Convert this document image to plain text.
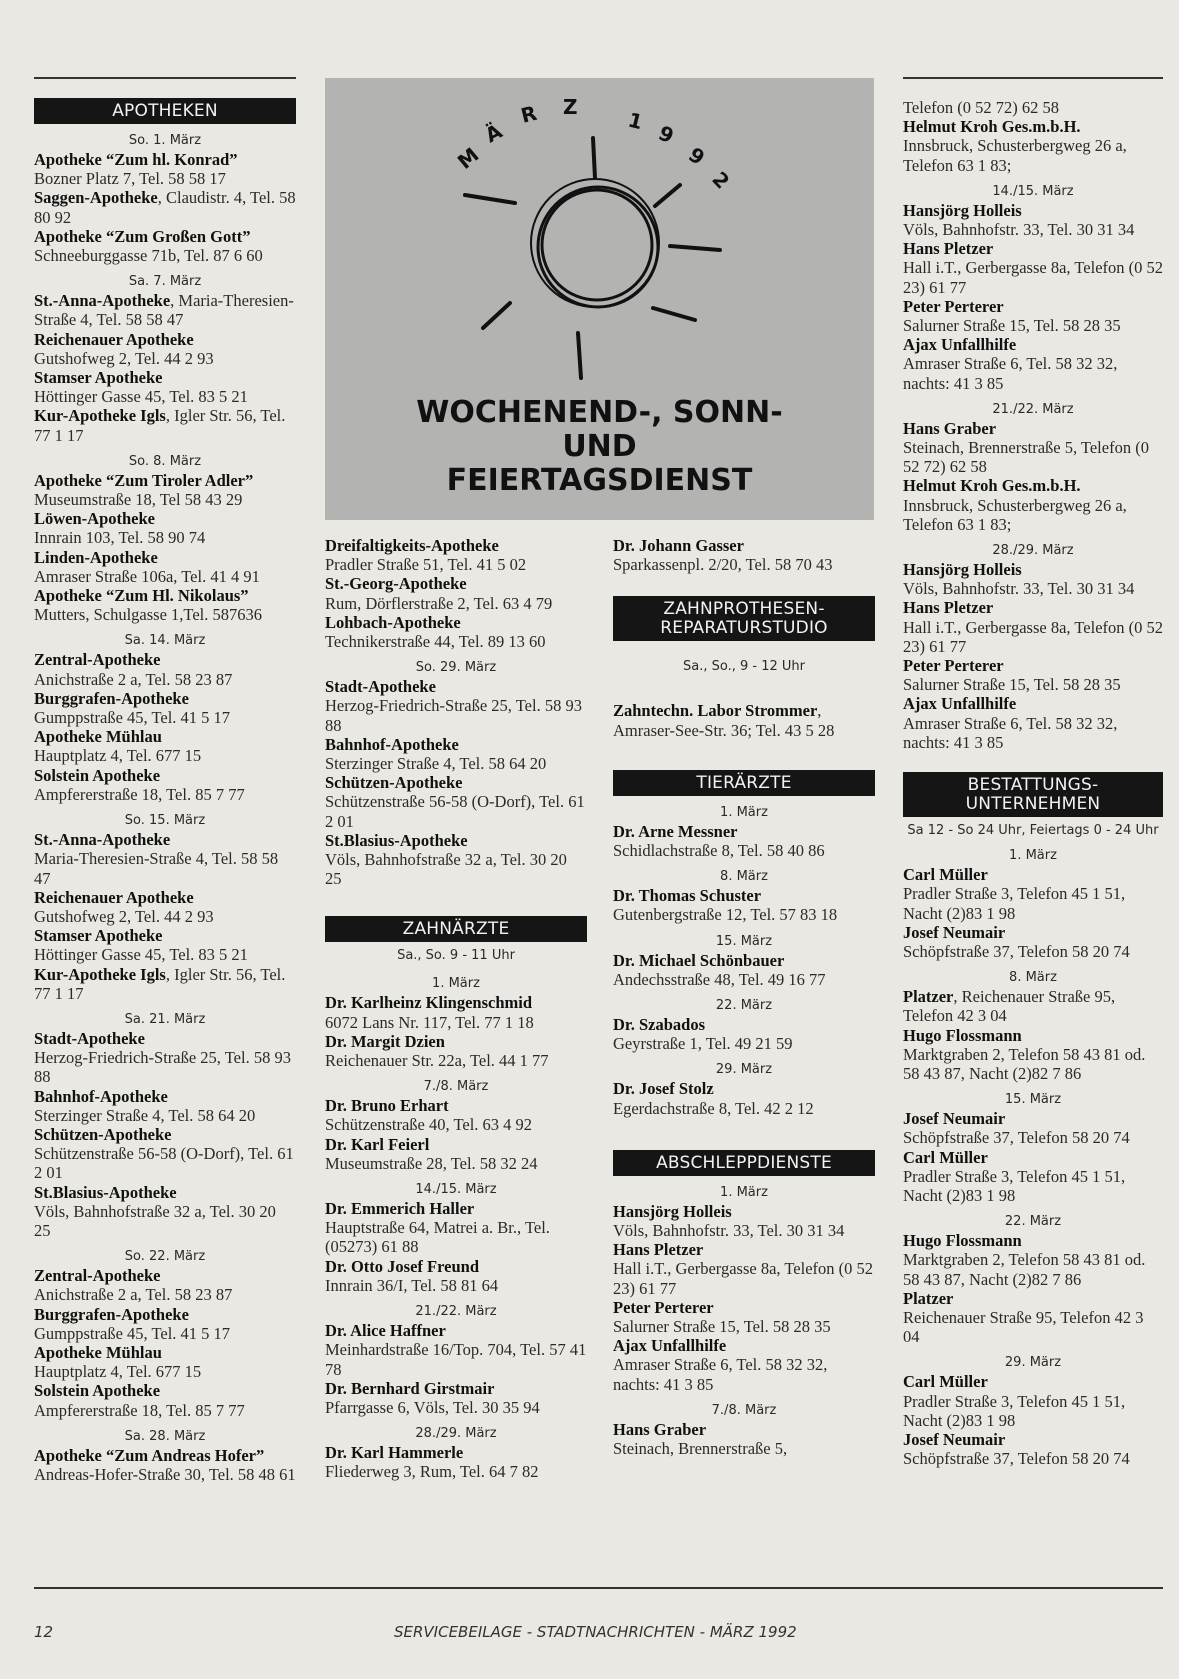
M
Ä
R Z
1 9
9
2
WOCHENEND-, SONN-
UND
FEIERTAGSDIENST
APOTHEKEN
So. 1. März
Apotheke “Zum hl. Konrad”
Bozner Platz 7, Tel. 58 58 17
Saggen-Apotheke, Claudistr. 4, Tel. 58 80 92
Apotheke “Zum Großen Gott”
Schneeburggasse 71b, Tel. 87 6 60
Sa. 7. März
St.-Anna-Apotheke, Maria-Theresien-Straße 4, Tel. 58 58 47
Reichenauer Apotheke
Gutshofweg 2, Tel. 44 2 93
Stamser Apotheke
Höttinger Gasse 45, Tel. 83 5 21
Kur-Apotheke Igls, Igler Str. 56, Tel. 77 1 17
So. 8. März
Apotheke “Zum Tiroler Adler”
Museumstraße 18, Tel 58 43 29
Löwen-Apotheke
Innrain 103, Tel. 58 90 74
Linden-Apotheke
Amraser Straße 106a, Tel. 41 4 91
Apotheke “Zum Hl. Nikolaus”
Mutters, Schulgasse 1,Tel. 587636
Sa. 14. März
Zentral-Apotheke
Anichstraße 2 a, Tel. 58 23 87
Burggrafen-Apotheke
Gumppstraße 45, Tel. 41 5 17
Apotheke Mühlau
Hauptplatz 4, Tel. 677 15
Solstein Apotheke
Ampfererstraße 18, Tel. 85 7 77
So. 15. März
St.-Anna-Apotheke
Maria-Theresien-Straße 4, Tel. 58 58 47
Reichenauer Apotheke
Gutshofweg 2, Tel. 44 2 93
Stamser Apotheke
Höttinger Gasse 45, Tel. 83 5 21
Kur-Apotheke Igls, Igler Str. 56, Tel. 77 1 17
Sa. 21. März
Stadt-Apotheke
Herzog-Friedrich-Straße 25, Tel. 58 93 88
Bahnhof-Apotheke
Sterzinger Straße 4, Tel. 58 64 20
Schützen-Apotheke
Schützenstraße 56-58 (O-Dorf), Tel. 61 2 01
St.Blasius-Apotheke
Völs, Bahnhofstraße 32 a, Tel. 30 20 25
So. 22. März
Zentral-Apotheke
Anichstraße 2 a, Tel. 58 23 87
Burggrafen-Apotheke
Gumppstraße 45, Tel. 41 5 17
Apotheke Mühlau
Hauptplatz 4, Tel. 677 15
Solstein Apotheke
Ampfererstraße 18, Tel. 85 7 77
Sa. 28. März
Apotheke “Zum Andreas Hofer”
Andreas-Hofer-Straße 30, Tel. 58 48 61
Dreifaltigkeits-Apotheke
Pradler Straße 51, Tel. 41 5 02
St.-Georg-Apotheke
Rum, Dörflerstraße 2, Tel. 63 4 79
Lohbach-Apotheke
Technikerstraße 44, Tel. 89 13 60
So. 29. März
Stadt-Apotheke
Herzog-Friedrich-Straße 25, Tel. 58 93 88
Bahnhof-Apotheke
Sterzinger Straße 4, Tel. 58 64 20
Schützen-Apotheke
Schützenstraße 56-58 (O-Dorf), Tel. 61 2 01
St.Blasius-Apotheke
Völs, Bahnhofstraße 32 a, Tel. 30 20 25
ZAHNÄRZTE
Sa., So. 9 - 11 Uhr
1. März
Dr. Karlheinz Klingenschmid
6072 Lans Nr. 117, Tel. 77 1 18
Dr. Margit Dzien
Reichenauer Str. 22a, Tel. 44 1 77
7./8. März
Dr. Bruno Erhart
Schützenstraße 40, Tel. 63 4 92
Dr. Karl Feierl
Museumstraße 28, Tel. 58 32 24
14./15. März
Dr. Emmerich Haller
Hauptstraße 64, Matrei a. Br., Tel. (05273) 61 88
Dr. Otto Josef Freund
Innrain 36/I, Tel. 58 81 64
21./22. März
Dr. Alice Haffner
Meinhardstraße 16/Top. 704, Tel. 57 41 78
Dr. Bernhard Girstmair
Pfarrgasse 6, Völs, Tel. 30 35 94
28./29. März
Dr. Karl Hammerle
Fliederweg 3, Rum, Tel. 64 7 82
Dr. Johann Gasser
Sparkassenpl. 2/20, Tel. 58 70 43
ZAHNPROTHESEN-
REPARATURSTUDIO
Sa., So., 9 - 12 Uhr
Zahntechn. Labor Strommer, Amraser-See-Str. 36; Tel. 43 5 28
TIERÄRZTE
1. März
Dr. Arne Messner
Schidlachstraße 8, Tel. 58 40 86
8. März
Dr. Thomas Schuster
Gutenbergstraße 12, Tel. 57 83 18
15. März
Dr. Michael Schönbauer
Andechsstraße 48, Tel. 49 16 77
22. März
Dr. Szabados
Geyrstraße 1, Tel. 49 21 59
29. März
Dr. Josef Stolz
Egerdachstraße 8, Tel. 42 2 12
ABSCHLEPPDIENSTE
1. März
Hansjörg Holleis
Völs, Bahnhofstr. 33, Tel. 30 31 34
Hans Pletzer
Hall i.T., Gerbergasse 8a, Telefon (0 52 23) 61 77
Peter Perterer
Salurner Straße 15, Tel. 58 28 35
Ajax Unfallhilfe
Amraser Straße 6, Tel. 58 32 32, nachts: 41 3 85
7./8. März
Hans Graber
Steinach, Brennerstraße 5,
Telefon (0 52 72) 62 58
Helmut Kroh Ges.m.b.H.
Innsbruck, Schusterbergweg 26 a, Telefon 63 1 83;
14./15. März
Hansjörg Holleis
Völs, Bahnhofstr. 33, Tel. 30 31 34
Hans Pletzer
Hall i.T., Gerbergasse 8a, Telefon (0 52 23) 61 77
Peter Perterer
Salurner Straße 15, Tel. 58 28 35
Ajax Unfallhilfe
Amraser Straße 6, Tel. 58 32 32, nachts: 41 3 85
21./22. März
Hans Graber
Steinach, Brennerstraße 5, Telefon (0 52 72) 62 58
Helmut Kroh Ges.m.b.H.
Innsbruck, Schusterbergweg 26 a, Telefon 63 1 83;
28./29. März
Hansjörg Holleis
Völs, Bahnhofstr. 33, Tel. 30 31 34
Hans Pletzer
Hall i.T., Gerbergasse 8a, Telefon (0 52 23) 61 77
Peter Perterer
Salurner Straße 15, Tel. 58 28 35
Ajax Unfallhilfe
Amraser Straße 6, Tel. 58 32 32, nachts: 41 3 85
BESTATTUNGS-
UNTERNEHMEN
Sa 12 - So 24 Uhr, Feiertags 0 - 24 Uhr
1. März
Carl Müller
Pradler Straße 3, Telefon 45 1 51, Nacht (2)83 1 98
Josef Neumair
Schöpfstraße 37, Telefon 58 20 74
8. März
Platzer, Reichenauer Straße 95, Telefon 42 3 04
Hugo Flossmann
Marktgraben 2, Telefon 58 43 81 od. 58 43 87, Nacht (2)82 7 86
15. März
Josef Neumair
Schöpfstraße 37, Telefon 58 20 74
Carl Müller
Pradler Straße 3, Telefon 45 1 51, Nacht (2)83 1 98
22. März
Hugo Flossmann
Marktgraben 2, Telefon 58 43 81 od. 58 43 87, Nacht (2)82 7 86
Platzer
Reichenauer Straße 95, Telefon 42 3 04
29. März
Carl Müller
Pradler Straße 3, Telefon 45 1 51, Nacht (2)83 1 98
Josef Neumair
Schöpfstraße 37, Telefon 58 20 74
12	SERVICEBEILAGE - STADTNACHRICHTEN - MÄRZ 1992
